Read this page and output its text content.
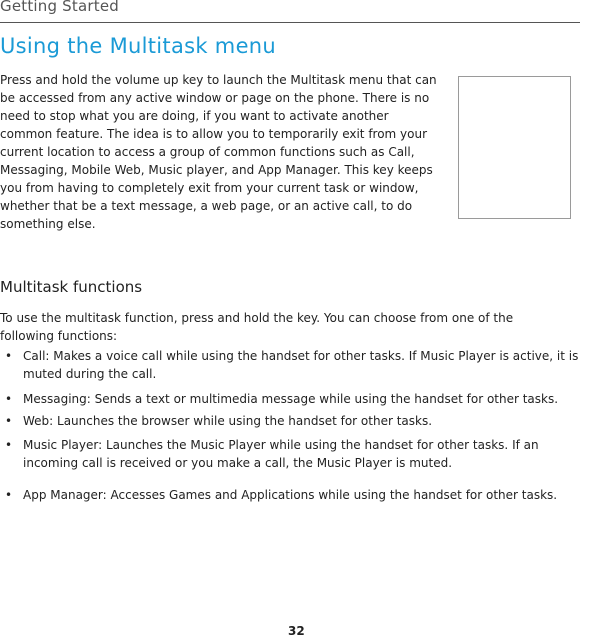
Getting Started
Using the Multitask menu

Press and hold the volume up key to launch the Multitask menu that can be accessed from any active window or page on the phone. There is no need to stop what you are doing, if you want to activate another common feature. The idea is to allow you to temporarily exit from your current location to access a group of common functions such as Call, Messaging, Mobile Web, Music player, and App Manager. This key keeps you from having to completely exit from your current task or window, whether that be a text message, a web page, or an active call, to do something else.

Multitask functions

To use the multitask function, press and hold the key. You can choose from one of the following functions:

• Call: Makes a voice call while using the handset for other tasks. If Music Player is active, it is muted during the call.
• Messaging: Sends a text or multimedia message while using the handset for other tasks.
• Web: Launches the browser while using the handset for other tasks.
• Music Player: Launches the Music Player while using the handset for other tasks. If an incoming call is received or you make a call, the Music Player is muted.
• App Manager: Accesses Games and Applications while using the handset for other tasks.
32
